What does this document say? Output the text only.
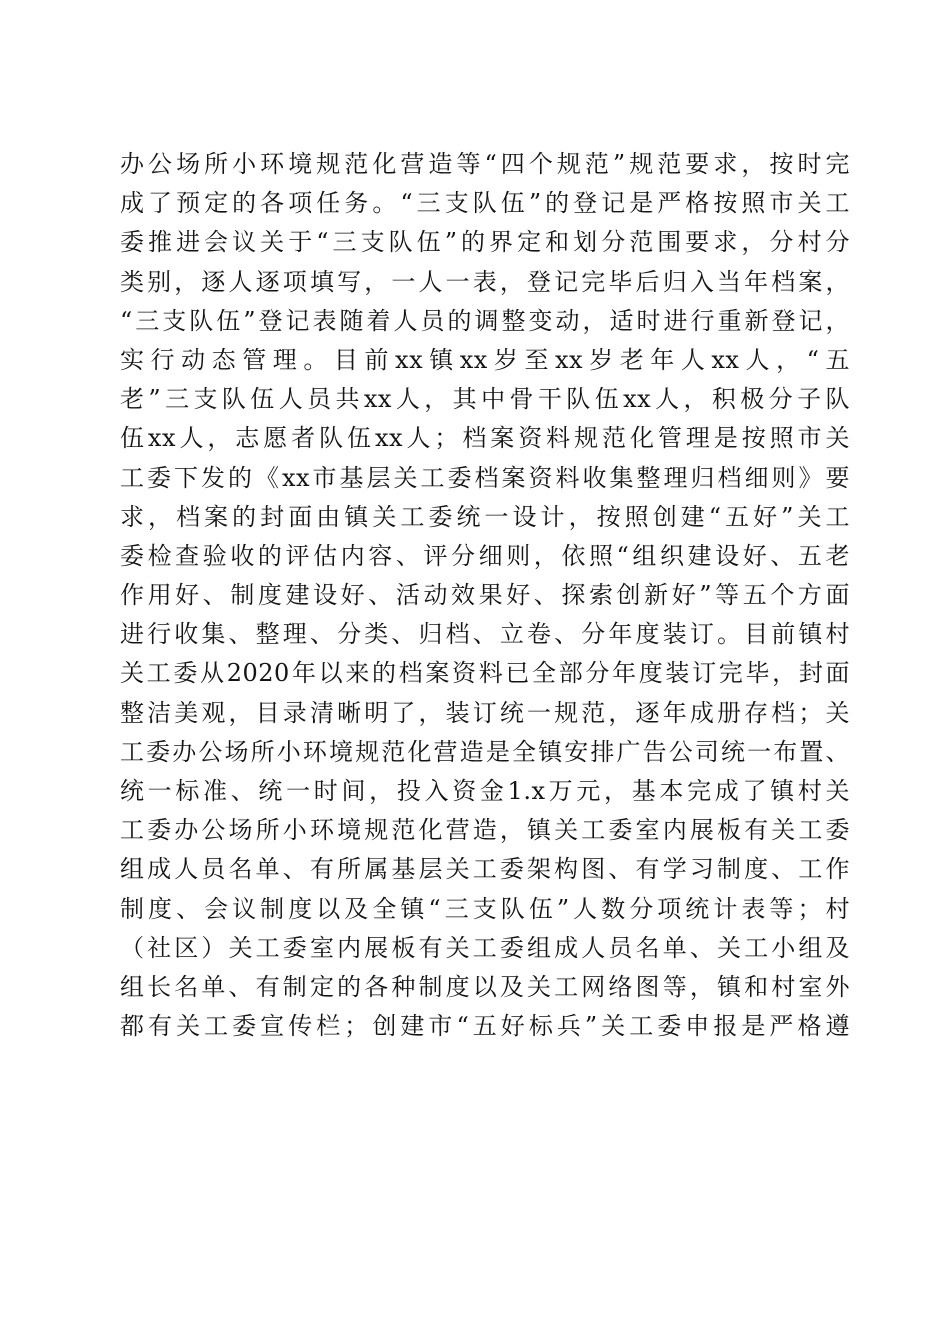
办公场所小环境规范化营造等“四个规范”规范要求，按时完
成了预定的各项任务。“三支队伍”的登记是严格按照市关工
委推进会议关于“三支队伍”的界定和划分范围要求，分村分
类别，逐人逐项填写，一人一表，登记完毕后归入当年档案，
“三支队伍”登记表随着人员的调整变动，适时进行重新登记，
实行动态管理。目前xx镇xx岁至xx岁老年人xx人，“五
老”三支队伍人员共xx人，其中骨干队伍xx人，积极分子队
伍xx人，志愿者队伍xx人；档案资料规范化管理是按照市关
工委下发的《xx市基层关工委档案资料收集整理归档细则》要
求，档案的封面由镇关工委统一设计，按照创建“五好”关工
委检查验收的评估内容、评分细则，依照“组织建设好、五老
作用好、制度建设好、活动效果好、探索创新好”等五个方面
进行收集、整理、分类、归档、立卷、分年度装订。目前镇村
关工委从2020年以来的档案资料已全部分年度装订完毕，封面
整洁美观，目录清晰明了，装订统一规范，逐年成册存档；关
工委办公场所小环境规范化营造是全镇安排广告公司统一布置、
统一标准、统一时间，投入资金1.x万元，基本完成了镇村关
工委办公场所小环境规范化营造，镇关工委室内展板有关工委
组成人员名单、有所属基层关工委架构图、有学习制度、工作
制度、会议制度以及全镇“三支队伍”人数分项统计表等；村
（社区）关工委室内展板有关工委组成人员名单、关工小组及
组长名单、有制定的各种制度以及关工网络图等，镇和村室外
都有关工委宣传栏；创建市“五好标兵”关工委申报是严格遵
